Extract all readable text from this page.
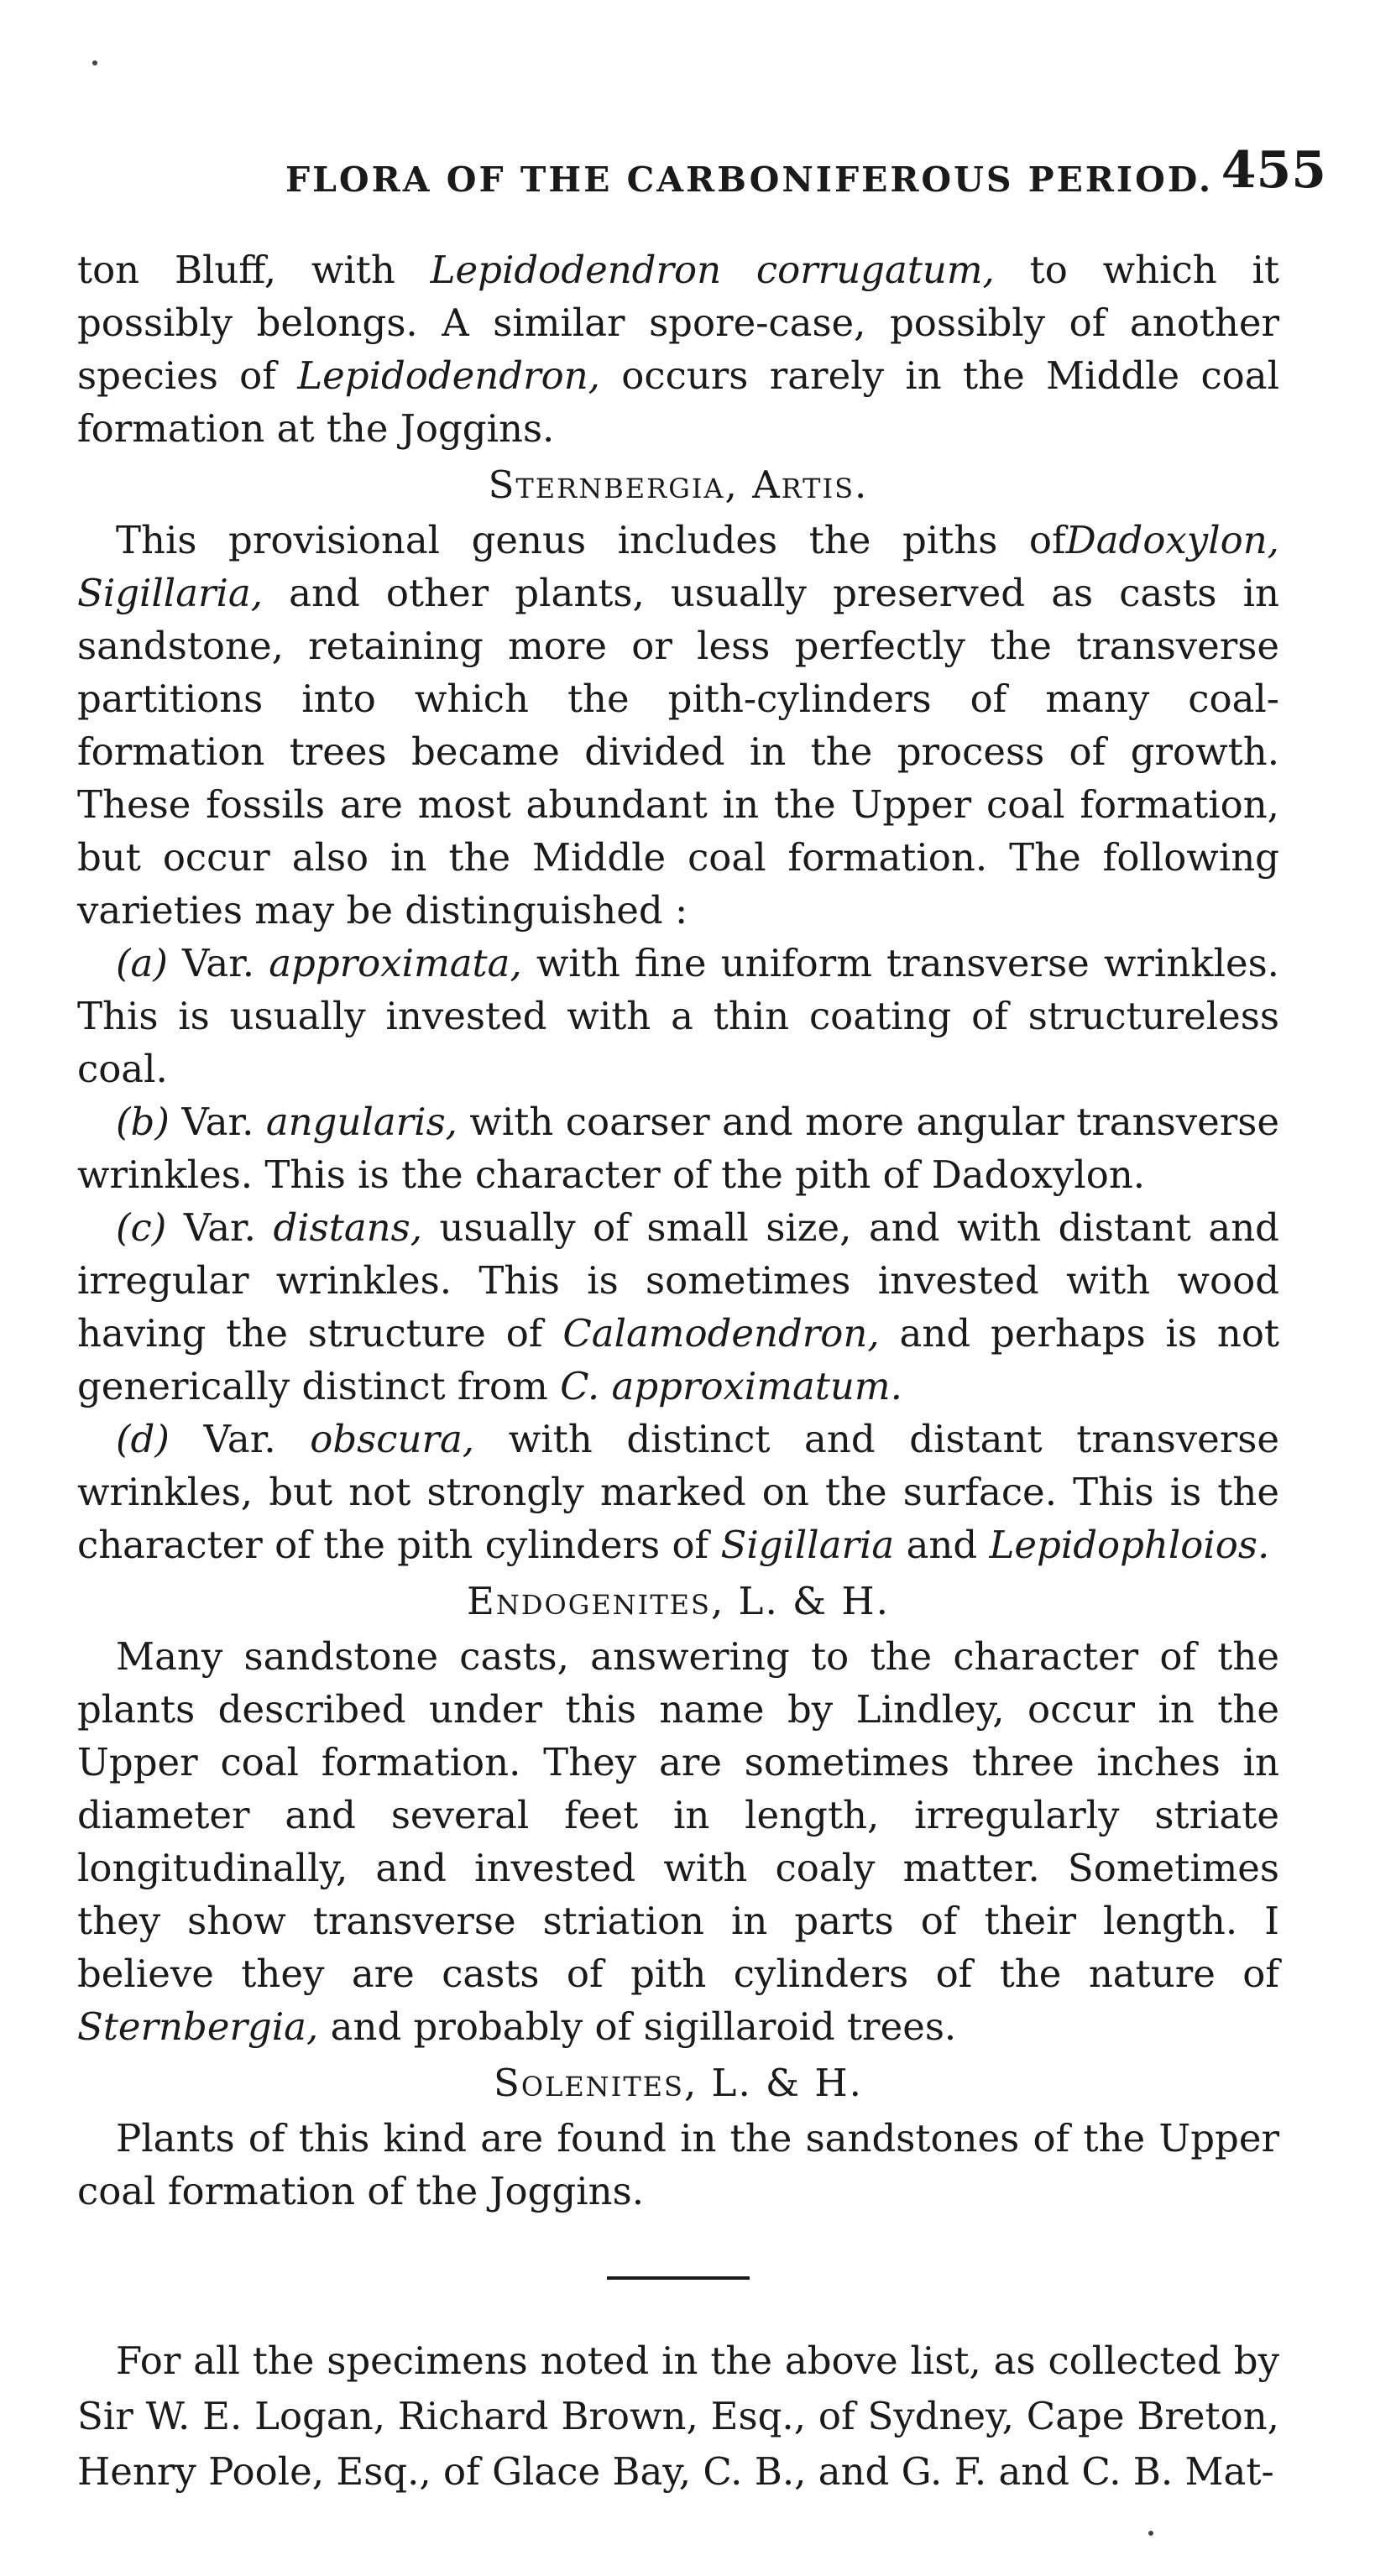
FLORA OF THE CARBONIFEROUS PERIOD. 455

ton Bluff, with Lepidodendron corrugatum, to which it possibly belongs. A similar spore-case, possibly of another species of Lepidodendron, occurs rarely in the Middle coal formation at the Joggins.

Sternbergia, Artis.

This provisional genus includes the piths ofDadoxylon, Sigillaria, and other plants, usually preserved as casts in sandstone, retaining more or less perfectly the transverse partitions into which the pith-cylinders of many coal-formation trees became divided in the process of growth. These fossils are most abundant in the Upper coal formation, but occur also in the Middle coal formation. The following varieties may be distinguished :

(a) Var. approximata, with fine uniform transverse wrinkles. This is usually invested with a thin coating of structureless coal.

(b) Var. angularis, with coarser and more angular transverse wrinkles. This is the character of the pith of Dadoxylon.

(c) Var. distans, usually of small size, and with distant and irregular wrinkles. This is sometimes invested with wood having the structure of Calamodendron, and perhaps is not generically distinct from C. approximatum.

(d) Var. obscura, with distinct and distant transverse wrinkles, but not strongly marked on the surface. This is the character of the pith cylinders of Sigillaria and Lepidophloios.

Endogenites, L. & H.

Many sandstone casts, answering to the character of the plants described under this name by Lindley, occur in the Upper coal formation. They are sometimes three inches in diameter and several feet in length, irregularly striate longitudinally, and invested with coaly matter. Sometimes they show transverse striation in parts of their length. I believe they are casts of pith cylinders of the nature of Sternbergia, and probably of sigillaroid trees.

Solenites, L. & H.

Plants of this kind are found in the sandstones of the Upper coal formation of the Joggins.

For all the specimens noted in the above list, as collected by Sir W. E. Logan, Richard Brown, Esq., of Sydney, Cape Breton, Henry Poole, Esq., of Glace Bay, C. B., and G. F. and C. B. Mat-
